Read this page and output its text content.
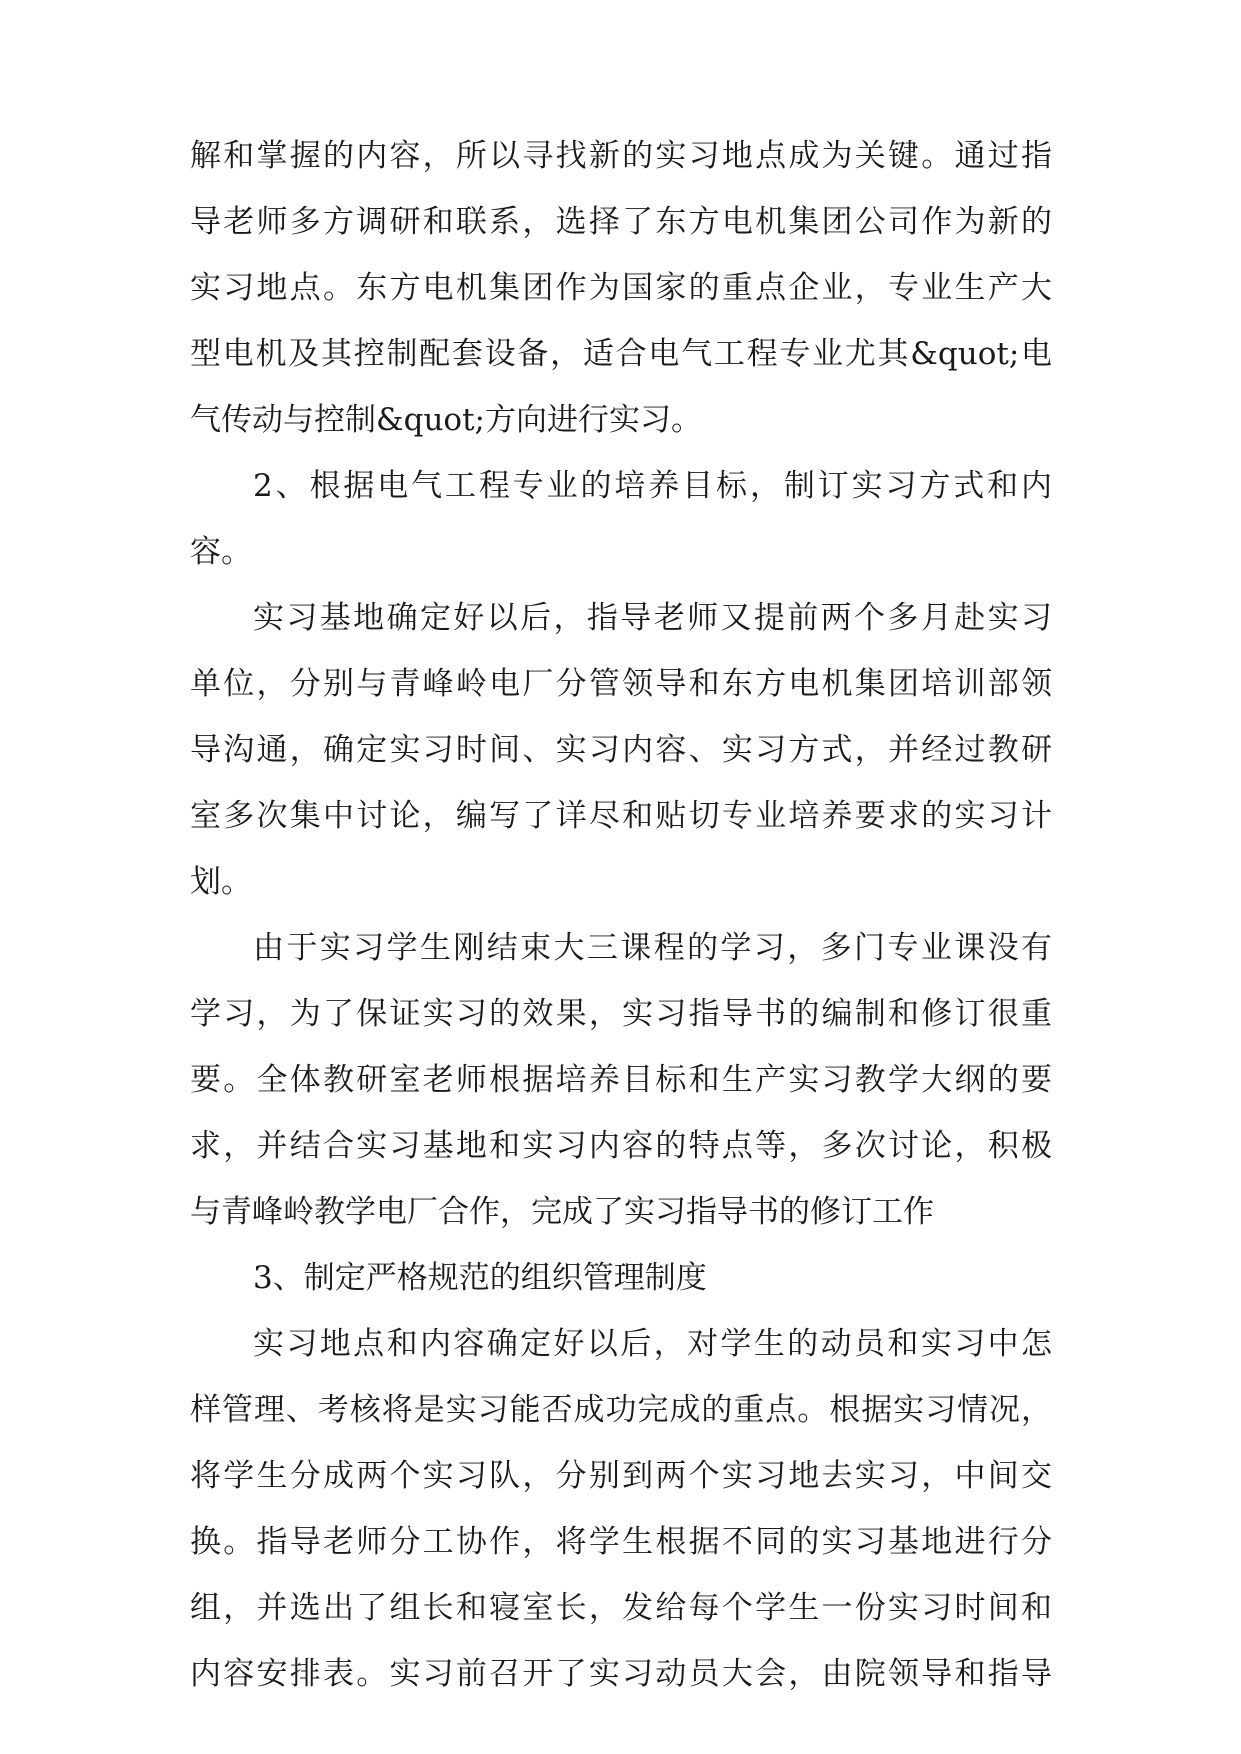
解和掌握的内容，所以寻找新的实习地点成为关键。通过指
导老师多方调研和联系，选择了东方电机集团公司作为新的
实习地点。东方电机集团作为国家的重点企业，专业生产大
型电机及其控制配套设备，适合电气工程专业尤其&quot;电
气传动与控制&quot;方向进行实习。
2、根据电气工程专业的培养目标，制订实习方式和内
容。
实习基地确定好以后，指导老师又提前两个多月赴实习
单位，分别与青峰岭电厂分管领导和东方电机集团培训部领
导沟通，确定实习时间、实习内容、实习方式，并经过教研
室多次集中讨论，编写了详尽和贴切专业培养要求的实习计
划。
由于实习学生刚结束大三课程的学习，多门专业课没有
学习，为了保证实习的效果，实习指导书的编制和修订很重
要。全体教研室老师根据培养目标和生产实习教学大纲的要
求，并结合实习基地和实习内容的特点等，多次讨论，积极
与青峰岭教学电厂合作，完成了实习指导书的修订工作
3、制定严格规范的组织管理制度
实习地点和内容确定好以后，对学生的动员和实习中怎
样管理、考核将是实习能否成功完成的重点。根据实习情况，
将学生分成两个实习队，分别到两个实习地去实习，中间交
换。指导老师分工协作，将学生根据不同的实习基地进行分
组，并选出了组长和寝室长，发给每个学生一份实习时间和
内容安排表。实习前召开了实习动员大会，由院领导和指导
